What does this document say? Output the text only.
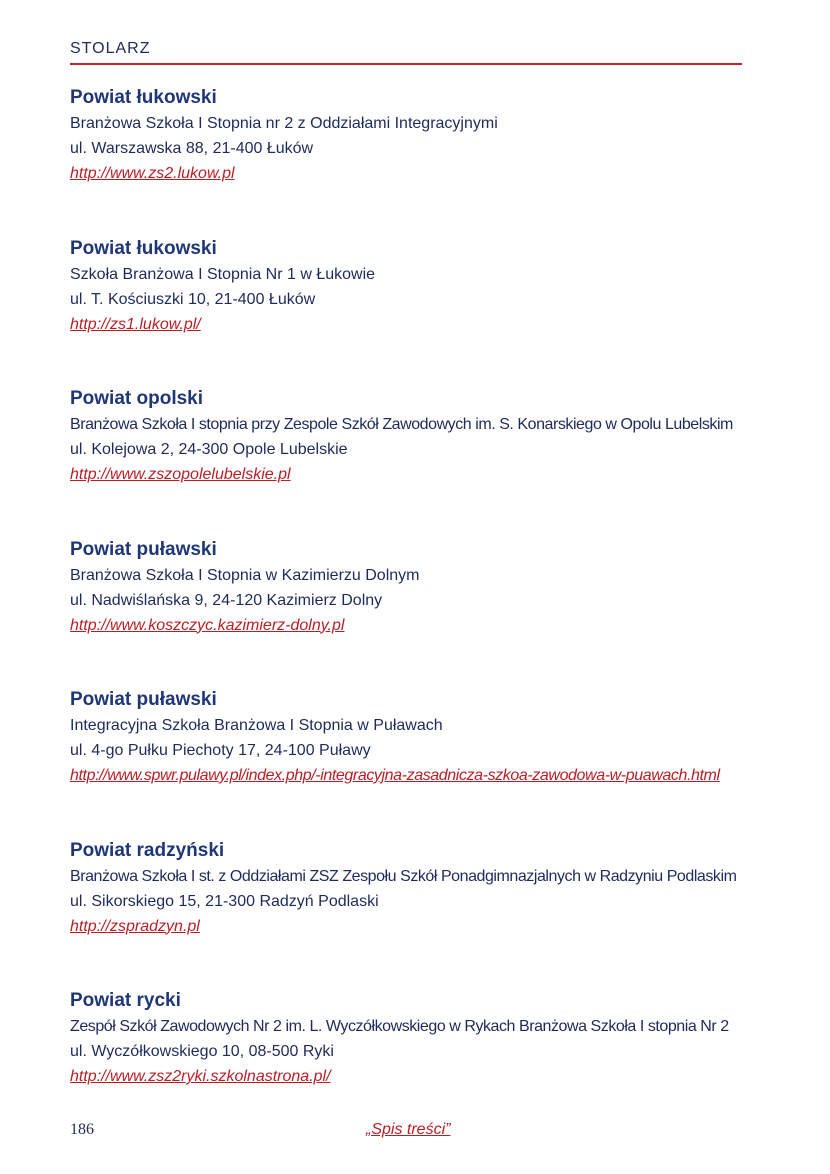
STOLARZ
Powiat łukowski
Branżowa Szkoła I Stopnia nr 2 z Oddziałami Integracyjnymi
ul. Warszawska 88, 21-400 Łuków
http://www.zs2.lukow.pl
Powiat łukowski
Szkoła Branżowa I Stopnia Nr 1 w Łukowie
ul. T. Kościuszki 10, 21-400 Łuków
http://zs1.lukow.pl/
Powiat opolski
Branżowa Szkoła I stopnia przy Zespole Szkół Zawodowych im. S. Konarskiego w Opolu Lubelskim
ul. Kolejowa 2, 24-300 Opole Lubelskie
http://www.zszopolelubelskie.pl
Powiat puławski
Branżowa Szkoła I Stopnia w Kazimierzu Dolnym
ul. Nadwiślańska 9, 24-120 Kazimierz Dolny
http://www.koszczyc.kazimierz-dolny.pl
Powiat puławski
Integracyjna Szkoła Branżowa I Stopnia w Puławach
ul. 4-go Pułku Piechoty 17, 24-100 Puławy
http://www.spwr.pulawy.pl/index.php/-integracyjna-zasadnicza-szkoa-zawodowa-w-puawach.html
Powiat radzyński
Branżowa Szkoła I st. z Oddziałami ZSZ Zespołu Szkół Ponadgimnazjalnych w Radzyniu Podlaskim
ul. Sikorskiego 15, 21-300 Radzyń Podlaski
http://zspradzyn.pl
Powiat rycki
Zespół Szkół Zawodowych Nr 2 im. L. Wyczółkowskiego w Rykach Branżowa Szkoła I stopnia Nr 2
ul. Wyczółkowskiego 10, 08-500 Ryki
http://www.zsz2ryki.szkolnastrona.pl/
186	„Spis treści”
